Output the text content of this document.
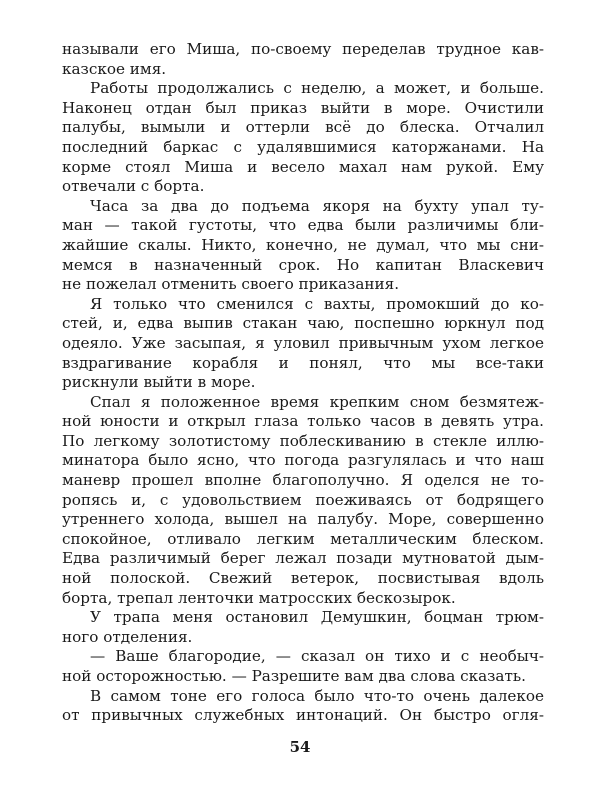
называли его Миша, по-своему переделав трудное кав-
казское имя.
Работы продолжались с неделю, а может, и больше.
Наконец отдан был приказ выйти в море. Очистили
палубы, вымыли и оттерли всё до блеска. Отчалил
последний баркас с удалявшимися каторжанами. На
корме стоял Миша и весело махал нам рукой. Ему
отвечали с борта.
Часа за два до подъема якоря на бухту упал ту-
ман — такой густоты, что едва были различимы бли-
жайшие скалы. Никто, конечно, не думал, что мы сни-
мемся в назначенный срок. Но капитан Власкевич
не пожелал отменить своего приказания.
Я только что сменился с вахты, промокший до ко-
стей, и, едва выпив стакан чаю, поспешно юркнул под
одеяло. Уже засыпая, я уловил привычным ухом легкое
вздрагивание корабля и понял, что мы все-таки
рискнули выйти в море.
Спал я положенное время крепким сном безмятеж-
ной юности и открыл глаза только часов в девять утра.
По легкому золотистому поблескиванию в стекле иллю-
минатора было ясно, что погода разгулялась и что наш
маневр прошел вполне благополучно. Я оделся не то-
ропясь и, с удовольствием поеживаясь от бодрящего
утреннего холода, вышел на палубу. Море, совершенно
спокойное, отливало легким металлическим блеском.
Едва различимый берег лежал позади мутноватой дым-
ной полоской. Свежий ветерок, посвистывая вдоль
борта, трепал ленточки матросских бескозырок.
У трапа меня остановил Демушкин, боцман трюм-
ного отделения.
— Ваше благородие, — сказал он тихо и с необыч-
ной осторожностью. — Разрешите вам два слова сказать.
В самом тоне его голоса было что-то очень далекое
от привычных служебных интонаций. Он быстро огля-
54
